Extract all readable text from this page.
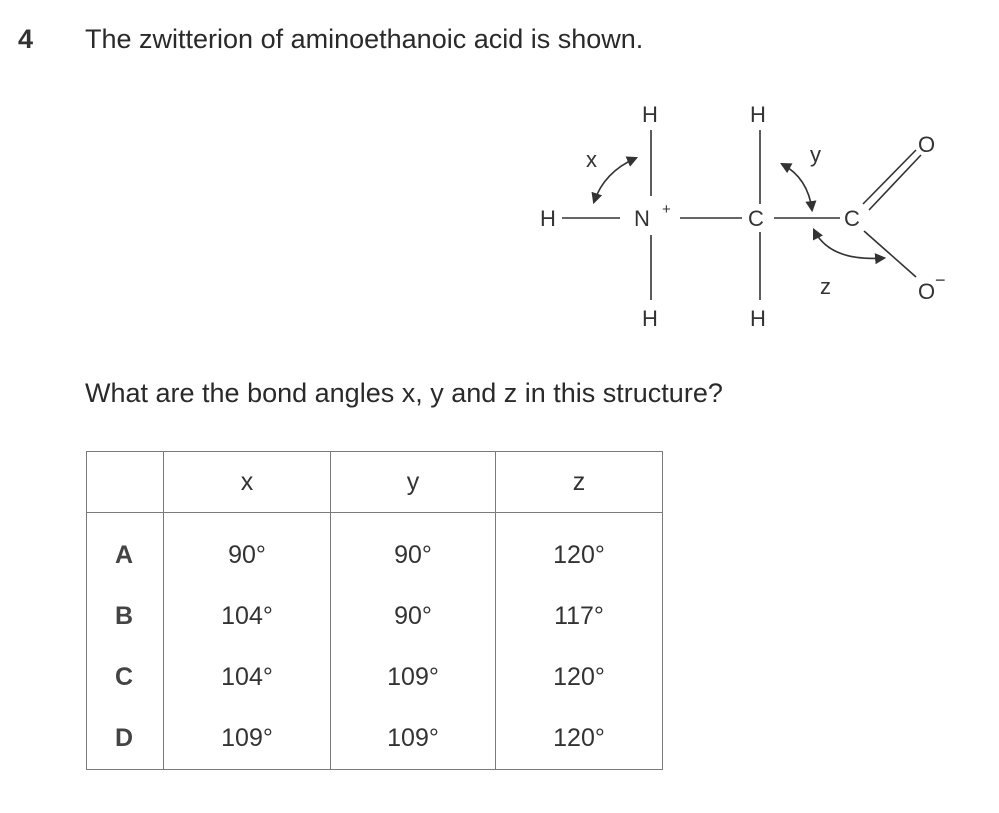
4 The zwitterion of aminoethanoic acid is shown.
H
H
H
N +	C
H
H
C
O
O −
x	y
z
What are the bond angles x, y and z in this structure?
	x	y	z
A	90°	90°	120°
B	104°	90°	117°
C	104°	109°	120°
D	109°	109°	120°
